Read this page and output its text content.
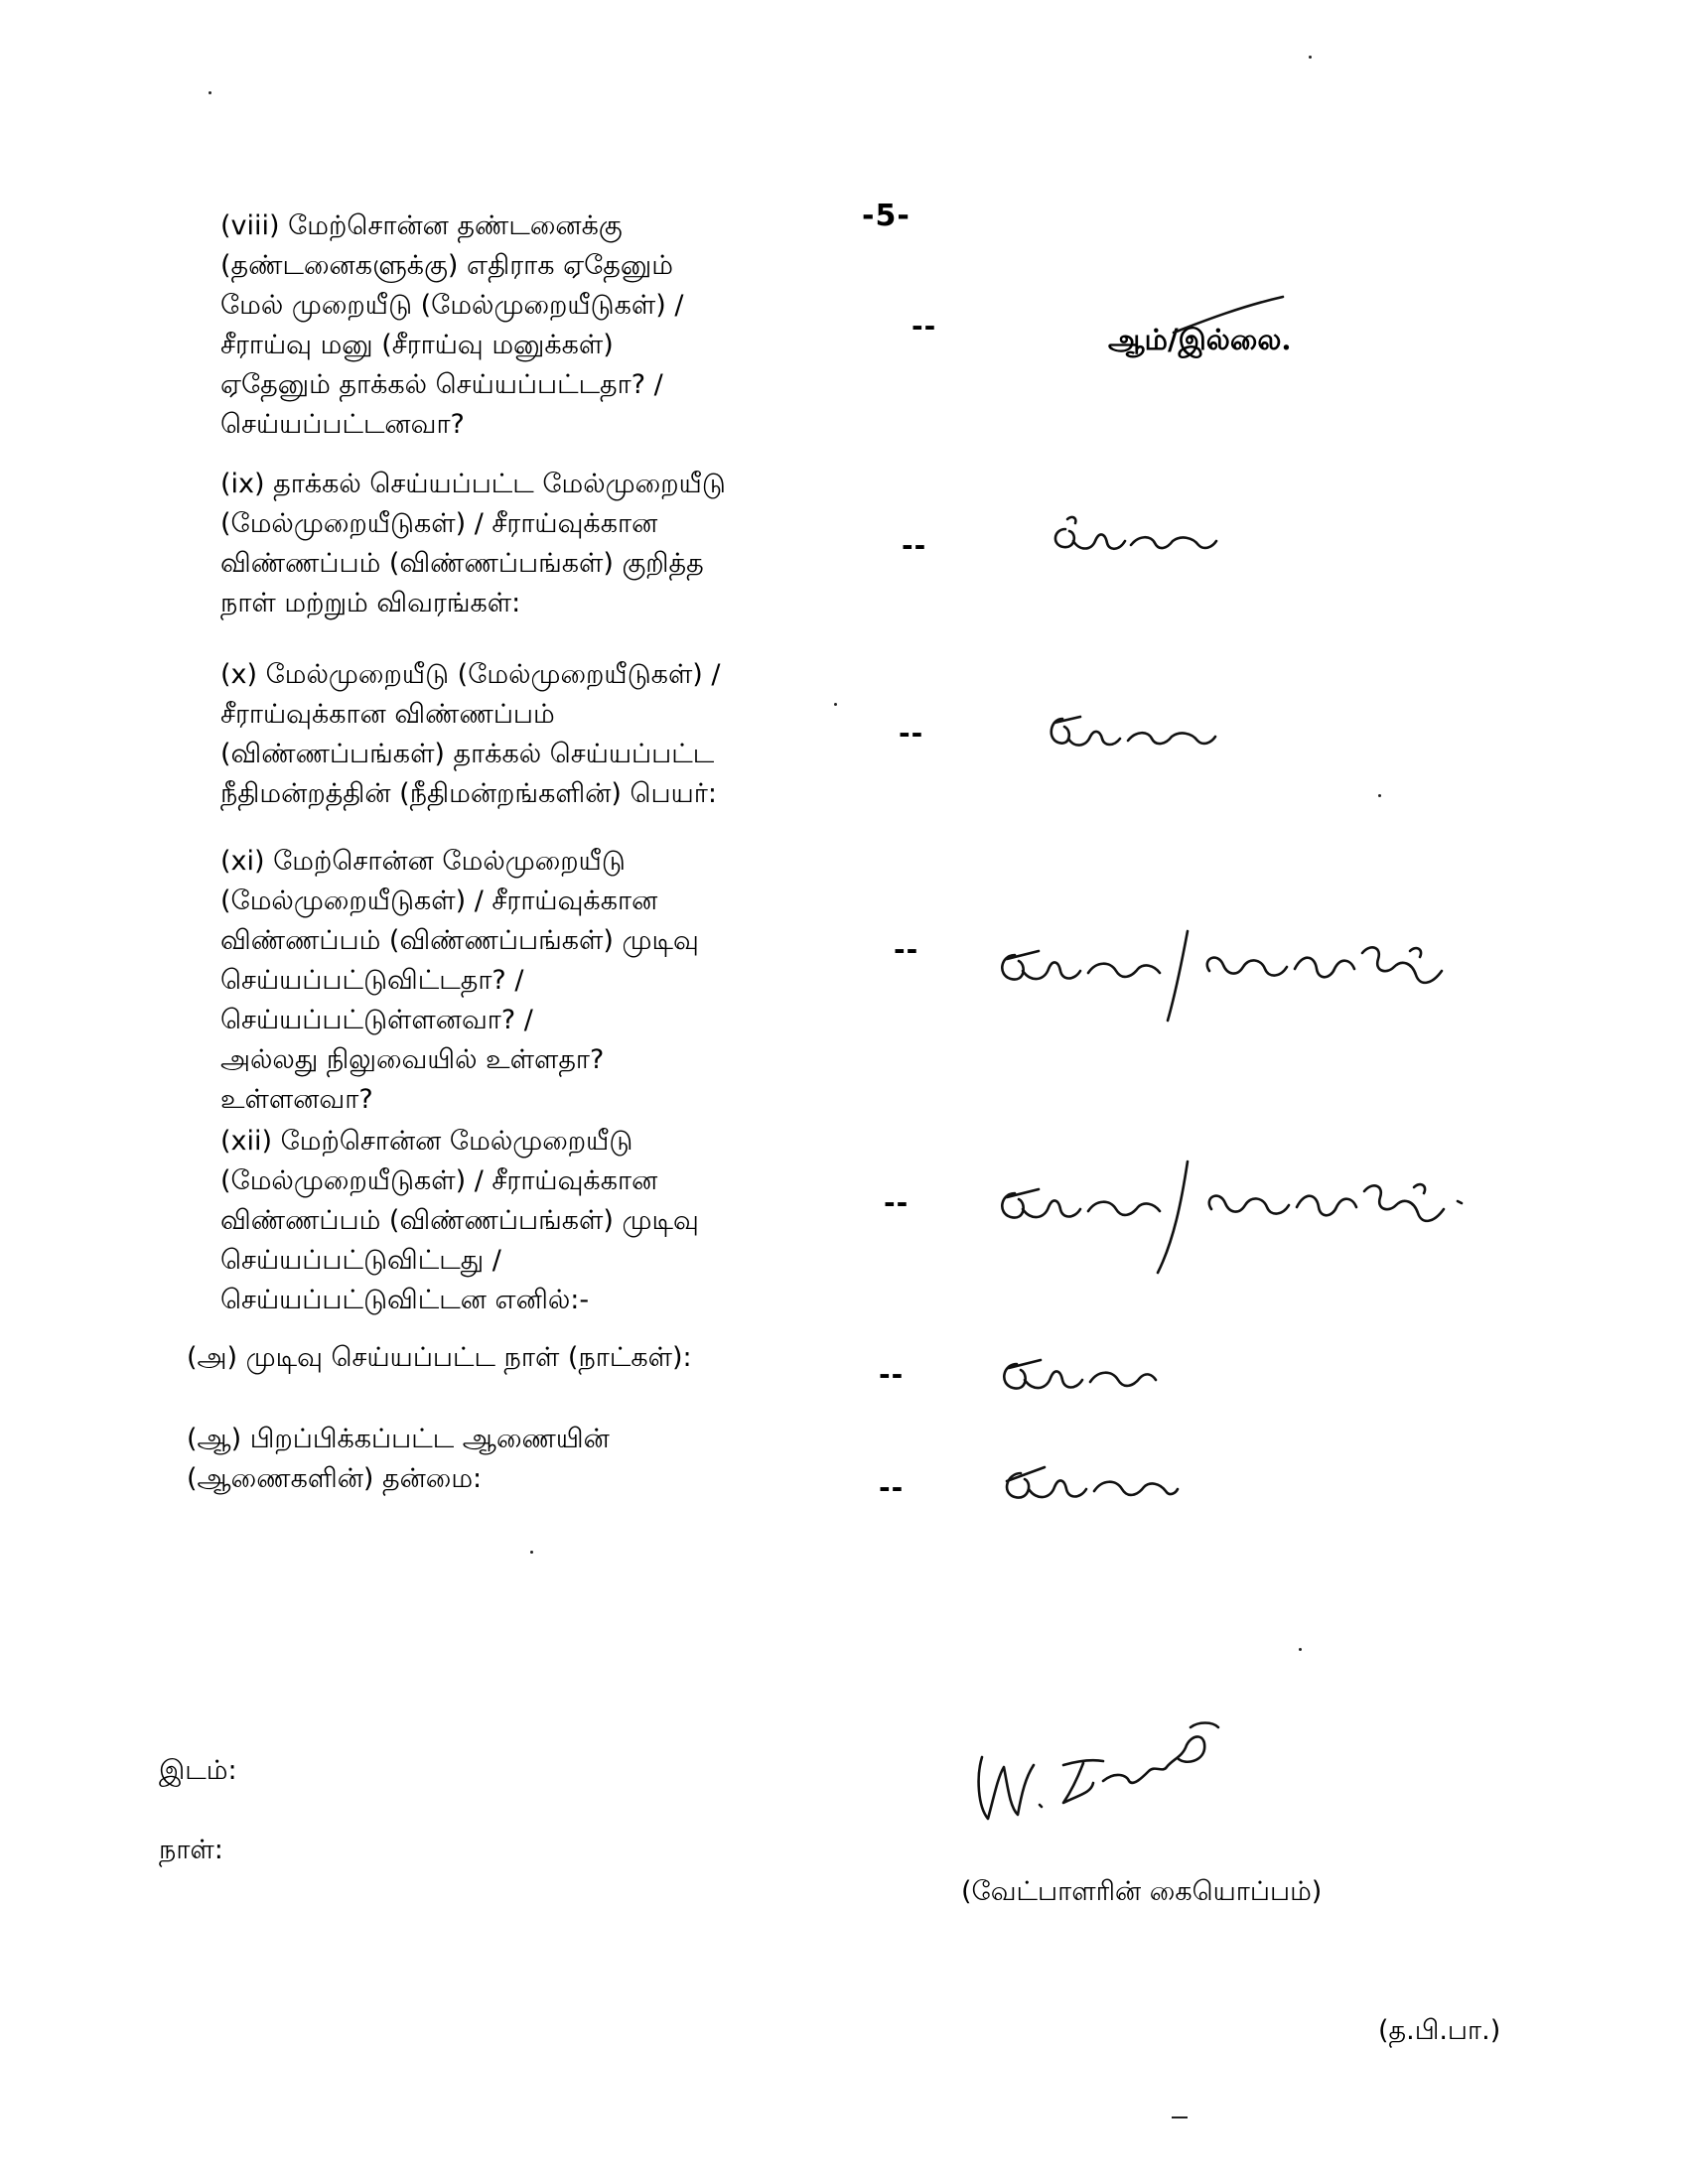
-5-
(viii) மேற்சொன்ன தண்டனைக்கு
(தண்டனைகளுக்கு) எதிராக ஏதேனும்
மேல் முறையீடு (மேல்முறையீடுகள்) /
சீராய்வு மனு (சீராய்வு மனுக்கள்)
ஏதேனும் தாக்கல் செய்யப்பட்டதா? /
செய்யப்பட்டனவா?
--	ஆம்/இல்லை.
(ix) தாக்கல் செய்யப்பட்ட மேல்முறையீடு
(மேல்முறையீடுகள்) / சீராய்வுக்கான
விண்ணப்பம் (விண்ணப்பங்கள்) குறித்த
நாள் மற்றும் விவரங்கள்:
--
(x) மேல்முறையீடு (மேல்முறையீடுகள்) /
சீராய்வுக்கான விண்ணப்பம்
(விண்ணப்பங்கள்) தாக்கல் செய்யப்பட்ட
நீதிமன்றத்தின் (நீதிமன்றங்களின்) பெயர்:
--
(xi) மேற்சொன்ன மேல்முறையீடு
(மேல்முறையீடுகள்) / சீராய்வுக்கான
விண்ணப்பம் (விண்ணப்பங்கள்) முடிவு
செய்யப்பட்டுவிட்டதா? /
செய்யப்பட்டுள்ளனவா? /
அல்லது நிலுவையில் உள்ளதா?
உள்ளனவா?
--
(xii) மேற்சொன்ன மேல்முறையீடு
(மேல்முறையீடுகள்) / சீராய்வுக்கான
விண்ணப்பம் (விண்ணப்பங்கள்) முடிவு
செய்யப்பட்டுவிட்டது /
செய்யப்பட்டுவிட்டன எனில்:-
--
(அ) முடிவு செய்யப்பட்ட நாள் (நாட்கள்):
--
(ஆ) பிறப்பிக்கப்பட்ட ஆணையின்
(ஆணைகளின்) தன்மை:	--
இடம்:
நாள்:
(வேட்பாளரின் கையொப்பம்)
(த.பி.பா.)
